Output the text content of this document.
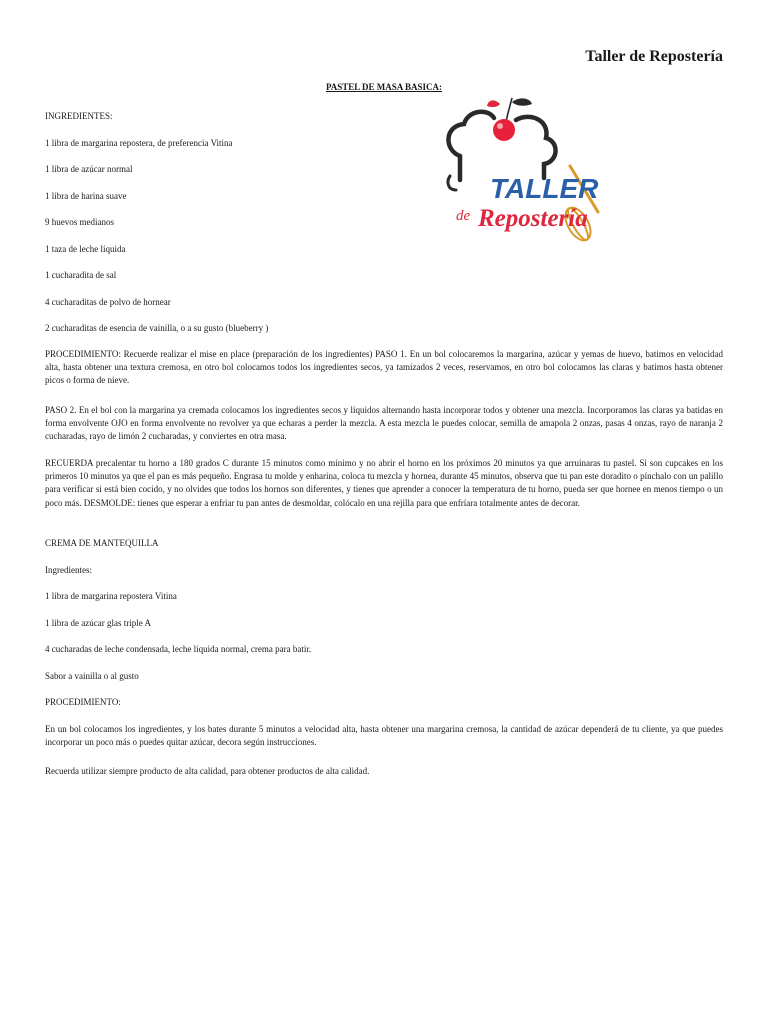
Taller de Repostería
PASTEL DE MASA BASICA:
INGREDIENTES:
1 libra de margarina repostera, de preferencia Vitina
1 libra de azúcar normal
1 libra de harina suave
9 huevos medianos
1 taza de leche líquida
1 cucharadita de sal
4 cucharaditas de polvo de hornear
2 cucharaditas de esencia de vainilla, o a su gusto (blueberry )
PROCEDIMIENTO: Recuerde realizar el mise en place (preparación de los ingredientes) PASO 1. En un bol colocaremos la margarina, azúcar y yemas de huevo, batimos en velocidad alta, hasta obtener una textura cremosa, en otro bol colocamos todos los ingredientes secos, ya tamizados 2 veces, reservamos, en otro bol colocamos las claras y batimos hasta obtener picos o forma de nieve.
PASO 2. En el bol con la margarina ya cremada colocamos los ingredientes secos y líquidos alternando hasta incorporar todos y obtener una mezcla. Incorporamos las claras ya batidas en forma envolvente OJO en forma envolvente no revolver ya que echaras a perder la mezcla. A esta mezcla le puedes colocar, semilla de amapola 2 onzas, pasas 4 onzas, rayo de naranja 2 cucharadas, rayo de limón 2 cucharadas, y conviertes en otra masa.
RECUERDA precalentar tu horno a 180 grados C durante 15 minutos como mínimo y no abrir el horno en los próximos 20 minutos ya que arruinaras tu pastel. Si son cupcakes en los primeros 10 minutos ya que el pan es más pequeño. Engrasa tu molde y enharina, coloca tu mezcla y hornea, durante 45 minutos, observa que tu pan este doradito o pínchalo con un palillo para verificar si está bien cocido, y no olvides que todos los hornos son diferentes, y tienes que aprender a conocer la temperatura de tu horno, pueda ser que hornee en menos tiempo o un poco más. DESMOLDE: tienes que esperar a enfriar tu pan antes de desmoldar, colócalo en una rejilla para que enfríara totalmente antes de decorar.
CREMA DE MANTEQUILLA
Ingredientes:
1 libra de margarina repostera Vitina
1 libra de azúcar glas triple A
4 cucharadas de leche condensada, leche líquida normal, crema para batir.
Sabor a vainilla o al gusto
PROCEDIMIENTO:
En un bol colocamos los ingredientes, y los bates durante 5 minutos a velocidad alta, hasta obtener una margarina cremosa, la cantidad de azúcar dependerá de tu cliente, ya que puedes incorporar un poco más o puedes quitar azúcar, decora según instrucciones.
Recuerda utilizar siempre producto de alta calidad, para obtener productos de alta calidad.
TALLER
de Repostería
